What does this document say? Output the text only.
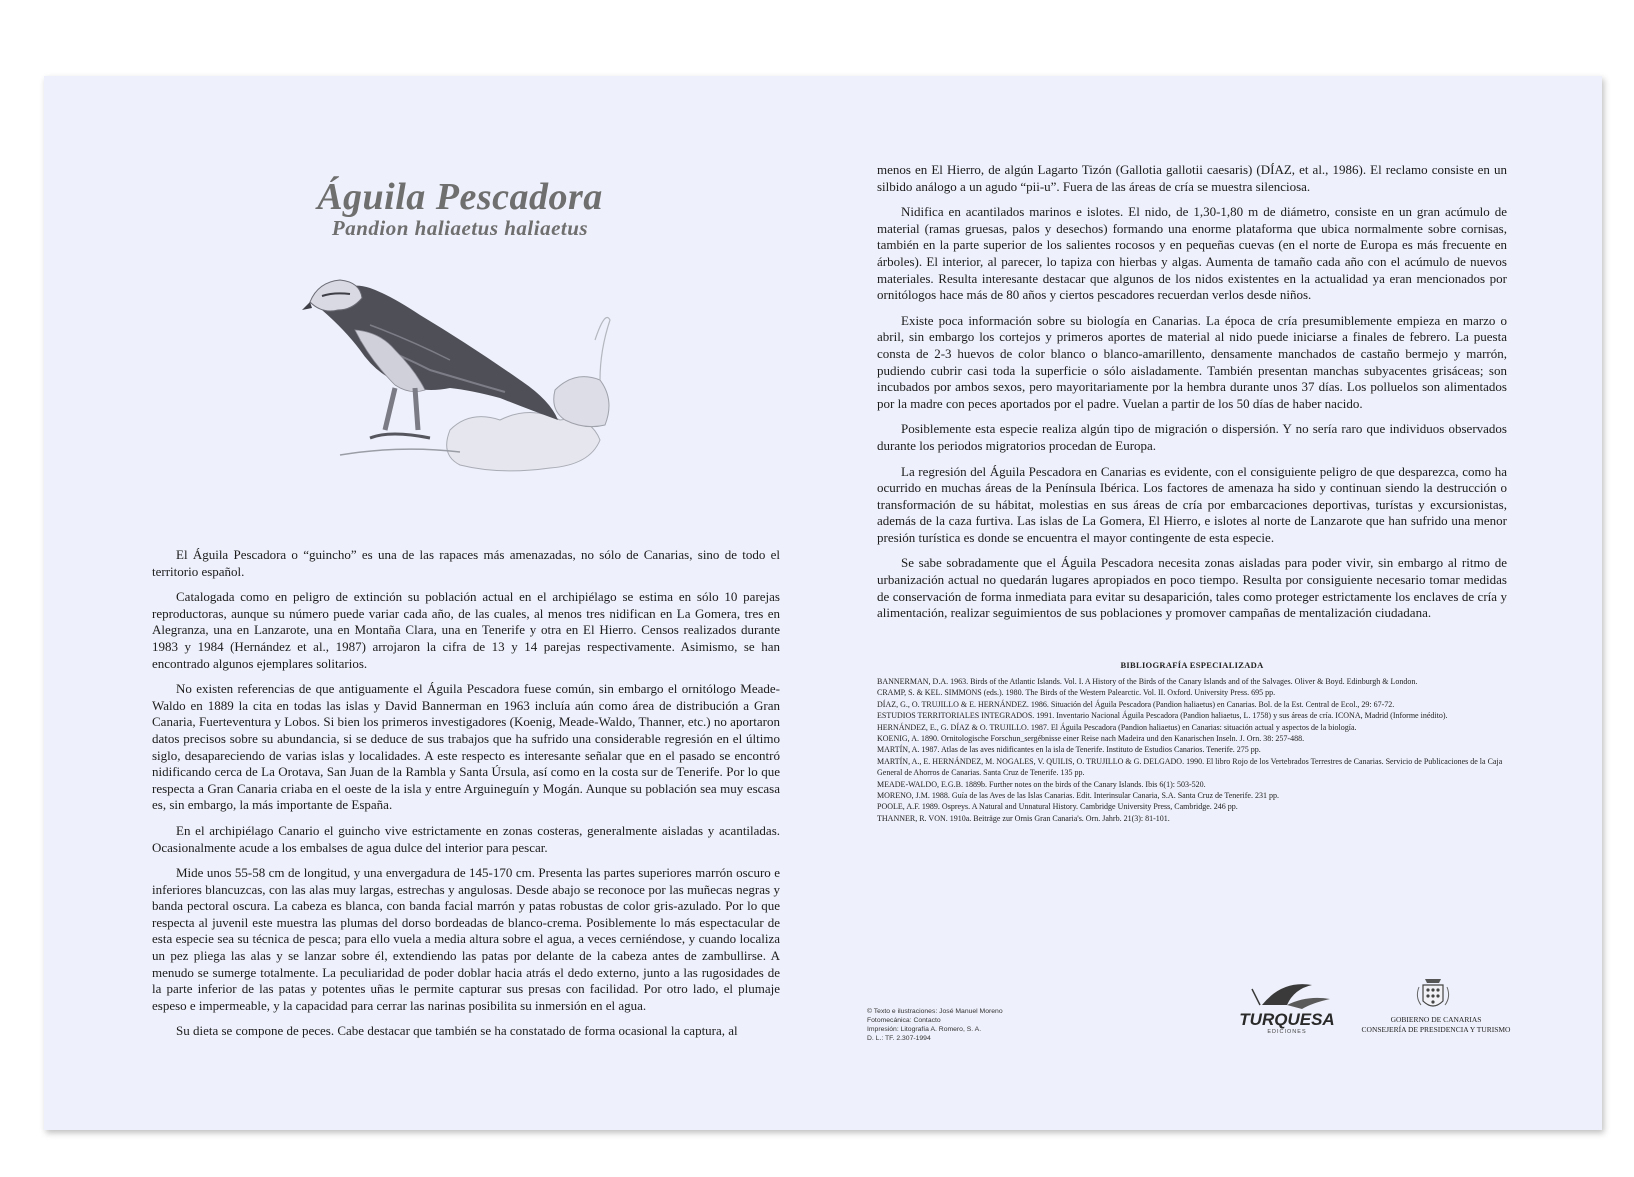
Águila Pescadora
Pandion haliaetus haliaetus

El Águila Pescadora o “guincho” es una de las rapaces más amenazadas, no sólo de Canarias, sino de todo el territorio español.

Catalogada como en peligro de extinción su población actual en el archipiélago se estima en sólo 10 parejas reproductoras, aunque su número puede variar cada año, de las cuales, al menos tres nidifican en La Gomera, tres en Alegranza, una en Lanzarote, una en Montaña Clara, una en Tenerife y otra en El Hierro. Censos realizados durante 1983 y 1984 (Hernández et al., 1987) arrojaron la cifra de 13 y 14 parejas respectivamente. Asimismo, se han encontrado algunos ejemplares solitarios.

No existen referencias de que antiguamente el Águila Pescadora fuese común, sin embargo el ornitólogo Meade-Waldo en 1889 la cita en todas las islas y David Bannerman en 1963 incluía aún como área de distribución a Gran Canaria, Fuerteventura y Lobos. Si bien los primeros investigadores (Koenig, Meade-Waldo, Thanner, etc.) no aportaron datos precisos sobre su abundancia, si se deduce de sus trabajos que ha sufrido una considerable regresión en el último siglo, desapareciendo de varias islas y localidades. A este respecto es interesante señalar que en el pasado se encontró nidificando cerca de La Orotava, San Juan de la Rambla y Santa Úrsula, así como en la costa sur de Tenerife. Por lo que respecta a Gran Canaria criaba en el oeste de la isla y entre Arguineguín y Mogán. Aunque su población sea muy escasa es, sin embargo, la más importante de España.

En el archipiélago Canario el guincho vive estrictamente en zonas costeras, generalmente aisladas y acantiladas. Ocasionalmente acude a los embalses de agua dulce del interior para pescar.

Mide unos 55-58 cm de longitud, y una envergadura de 145-170 cm. Presenta las partes superiores marrón oscuro e inferiores blancuzcas, con las alas muy largas, estrechas y angulosas. Desde abajo se reconoce por las muñecas negras y banda pectoral oscura. La cabeza es blanca, con banda facial marrón y patas robustas de color gris-azulado. Por lo que respecta al juvenil este muestra las plumas del dorso bordeadas de blanco-crema. Posiblemente lo más espectacular de esta especie sea su técnica de pesca; para ello vuela a media altura sobre el agua, a veces cerniéndose, y cuando localiza un pez pliega las alas y se lanzar sobre él, extendiendo las patas por delante de la cabeza antes de zambullirse. A menudo se sumerge totalmente. La peculiaridad de poder doblar hacia atrás el dedo externo, junto a las rugosidades de la parte inferior de las patas y potentes uñas le permite capturar sus presas con facilidad. Por otro lado, el plumaje espeso e impermeable, y la capacidad para cerrar las narinas posibilita su inmersión en el agua.

Su dieta se compone de peces. Cabe destacar que también se ha constatado de forma ocasional la captura, al

menos en El Hierro, de algún Lagarto Tizón (Gallotia gallotii caesaris) (DÍAZ, et al., 1986). El reclamo consiste en un silbido análogo a un agudo “pii-u”. Fuera de las áreas de cría se muestra silenciosa.

Nidifica en acantilados marinos e islotes. El nido, de 1,30-1,80 m de diámetro, consiste en un gran acúmulo de material (ramas gruesas, palos y desechos) formando una enorme plataforma que ubica normalmente sobre cornisas, también en la parte superior de los salientes rocosos y en pequeñas cuevas (en el norte de Europa es más frecuente en árboles). El interior, al parecer, lo tapiza con hierbas y algas. Aumenta de tamaño cada año con el acúmulo de nuevos materiales. Resulta interesante destacar que algunos de los nidos existentes en la actualidad ya eran mencionados por ornitólogos hace más de 80 años y ciertos pescadores recuerdan verlos desde niños.

Existe poca información sobre su biología en Canarias. La época de cría presumiblemente empieza en marzo o abril, sin embargo los cortejos y primeros aportes de material al nido puede iniciarse a finales de febrero. La puesta consta de 2-3 huevos de color blanco o blanco-amarillento, densamente manchados de castaño bermejo y marrón, pudiendo cubrir casi toda la superficie o sólo aisladamente. También presentan manchas subyacentes grisáceas; son incubados por ambos sexos, pero mayoritariamente por la hembra durante unos 37 días. Los polluelos son alimentados por la madre con peces aportados por el padre. Vuelan a partir de los 50 días de haber nacido.

Posiblemente esta especie realiza algún tipo de migración o dispersión. Y no sería raro que individuos observados durante los periodos migratorios procedan de Europa.

La regresión del Águila Pescadora en Canarias es evidente, con el consiguiente peligro de que desparezca, como ha ocurrido en muchas áreas de la Península Ibérica. Los factores de amenaza ha sido y continuan siendo la destrucción o transformación de su hábitat, molestias en sus áreas de cría por embarcaciones deportivas, turístas y excursionistas, además de la caza furtiva. Las islas de La Gomera, El Hierro, e islotes al norte de Lanzarote que han sufrido una menor presión turística es donde se encuentra el mayor contingente de esta especie.

Se sabe sobradamente que el Águila Pescadora necesita zonas aisladas para poder vivir, sin embargo al ritmo de urbanización actual no quedarán lugares apropiados en poco tiempo. Resulta por consiguiente necesario tomar medidas de conservación de forma inmediata para evitar su desaparición, tales como proteger estrictamente los enclaves de cría y alimentación, realizar seguimientos de sus poblaciones y promover campañas de mentalización ciudadana.

BIBLIOGRAFÍA ESPECIALIZADA
BANNERMAN, D.A. 1963. Birds of the Atlantic Islands. Vol. I. A History of the Birds of the Canary Islands and of the Salvages. Oliver & Boyd. Edinburgh & London.
CRAMP, S. & KEL. SIMMONS (eds.). 1980. The Birds of the Western Palearctic. Vol. II. Oxford. University Press. 695 pp.
DÍAZ, G., O. TRUJILLO & E. HERNÁNDEZ. 1986. Situación del Águila Pescadora (Pandion haliaetus) en Canarias. Bol. de la Est. Central de Ecol., 29: 67-72.
ESTUDIOS TERRITORIALES INTEGRADOS. 1991. Inventario Nacional Águila Pescadora (Pandion haliaetus, L. 1758) y sus áreas de cría. ICONA, Madrid (Informe inédito).
HERNÁNDEZ, E., G. DÍAZ & O. TRUJILLO. 1987. El Águila Pescadora (Pandion haliaetus) en Canarias: situación actual y aspectos de la biología.
KOENIG, A. 1890. Ornitologische Forschun_sergébnisse einer Reise nach Madeira und den Kanarischen Inseln. J. Orn. 38: 257-488.
MARTÍN, A. 1987. Atlas de las aves nidificantes en la isla de Tenerife. Instituto de Estudios Canarios. Tenerife. 275 pp.
MARTÍN, A., E. HERNÁNDEZ, M. NOGALES, V. QUILIS, O. TRUJILLO & G. DELGADO. 1990. El libro Rojo de los Vertebrados Terrestres de Canarias. Servicio de Publicaciones de la Caja General de Ahorros de Canarias. Santa Cruz de Tenerife. 135 pp.
MEADE-WALDO, E.G.B. 1889b. Further notes on the birds of the Canary Islands. Ibis 6(1): 503-520.
MORENO, J.M. 1988. Guía de las Aves de las Islas Canarias. Edit. Interinsular Canaria, S.A. Santa Cruz de Tenerife. 231 pp.
POOLE, A.F. 1989. Ospreys. A Natural and Unnatural History. Cambridge University Press, Cambridge. 246 pp.
THANNER, R. VON. 1910a. Beiträge zur Ornis Gran Canaria's. Orn. Jahrb. 21(3): 81-101.
© Texto e ilustraciones: José Manuel Moreno
Fotomecánica: Contacto
Impresión: Litografía A. Romero, S. A.
D. L.: TF. 2.307-1994
TURQUESA
EDICIONES
GOBIERNO DE CANARIAS
CONSEJERÍA DE PRESIDENCIA Y TURISMO
